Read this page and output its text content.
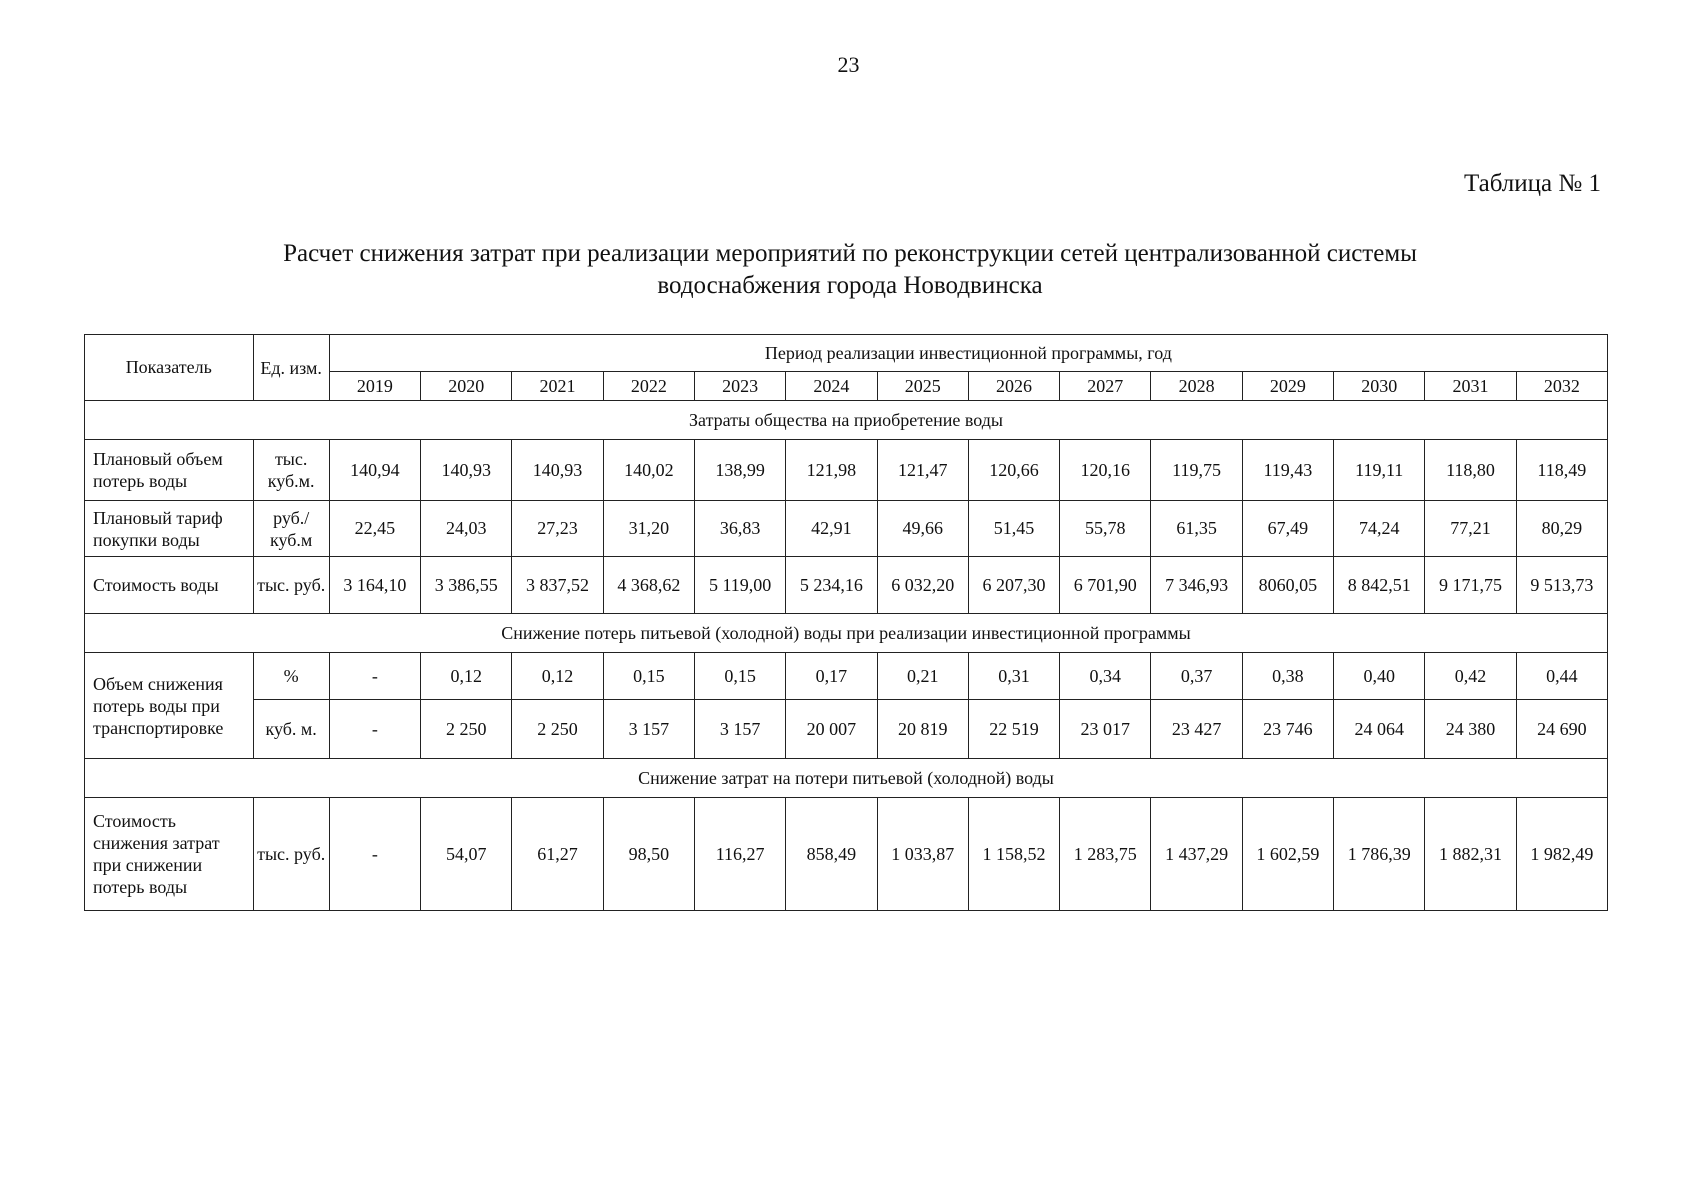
23
Таблица № 1
Расчет снижения затрат при реализации мероприятий по реконструкции сетей централизованной системы
водоснабжения города Новодвинска
Показатель	Ед. изм.	Период реализации инвестиционной программы, год													
		2019	2020	2021	2022	2023	2024	2025	2026	2027	2028	2029	2030	2031	2032
Затраты общества на приобретение воды															
Плановый объем потерь воды	тыс. куб.м.	140,94	140,93	140,93	140,02	138,99	121,98	121,47	120,66	120,16	119,75	119,43	119,11	118,80	118,49
Плановый тариф покупки воды	руб./ куб.м	22,45	24,03	27,23	31,20	36,83	42,91	49,66	51,45	55,78	61,35	67,49	74,24	77,21	80,29
Стоимость воды	тыс. руб.	3 164,10	3 386,55	3 837,52	4 368,62	5 119,00	5 234,16	6 032,20	6 207,30	6 701,90	7 346,93	8060,05	8 842,51	9 171,75	9 513,73
Снижение потерь питьевой (холодной) воды при реализации инвестиционной программы															
Объем снижения потерь воды при транспортировке	%	-	0,12	0,12	0,15	0,15	0,17	0,21	0,31	0,34	0,37	0,38	0,40	0,42	0,44
	куб. м.	-	2 250	2 250	3 157	3 157	20 007	20 819	22 519	23 017	23 427	23 746	24 064	24 380	24 690
Снижение затрат на потери питьевой (холодной) воды															
Стоимость снижения затрат при снижении потерь воды	тыс. руб.	-	54,07	61,27	98,50	116,27	858,49	1 033,87	1 158,52	1 283,75	1 437,29	1 602,59	1 786,39	1 882,31	1 982,49
